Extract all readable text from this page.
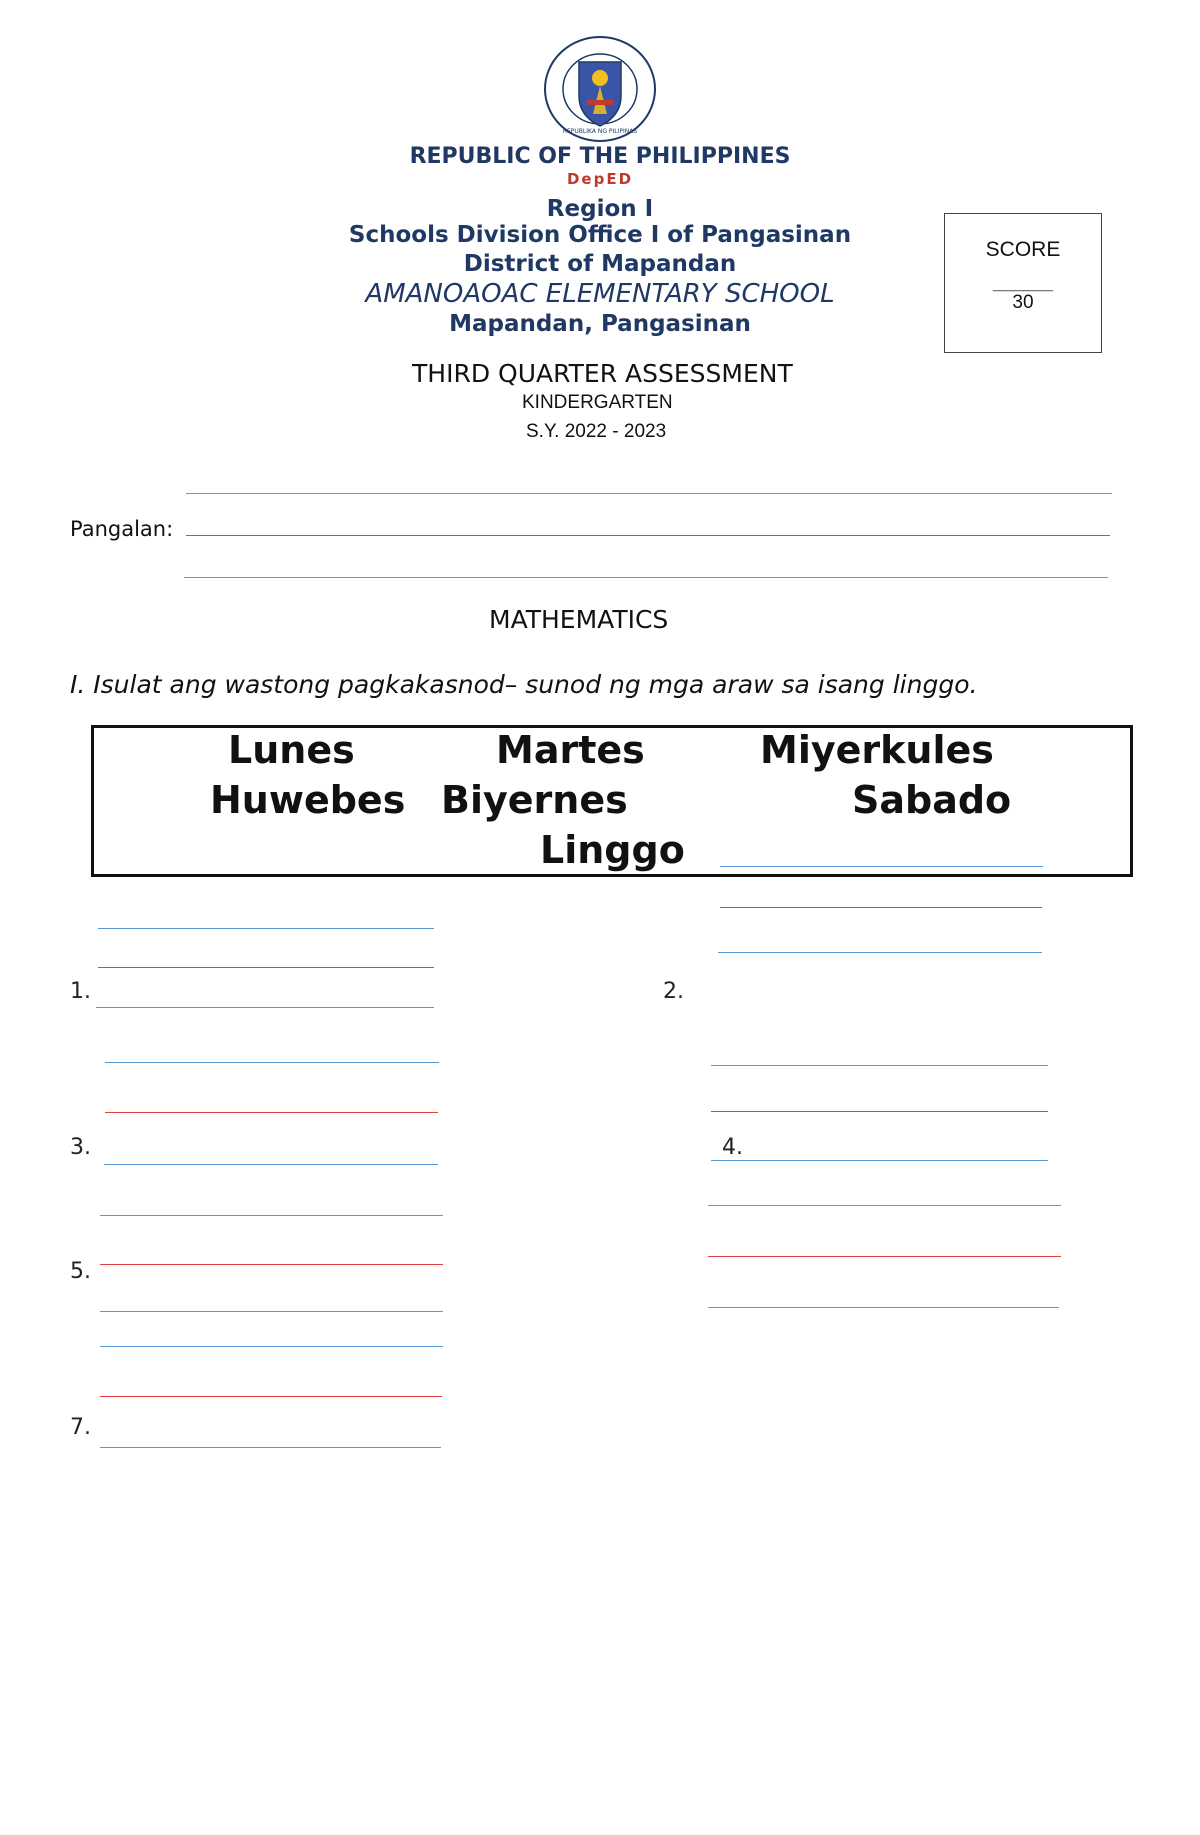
REPUBLIKA NG PILIPINAS
REPUBLIC OF THE PHILIPPINES
DepED
Region I
Schools Division Office I of Pangasinan
District of Mapandan
AMANOAOAC ELEMENTARY SCHOOL
Mapandan, Pangasinan
SCORE
______
30
THIRD QUARTER ASSESSMENT
KINDERGARTEN
S.Y. 2022 - 2023
Pangalan:
MATHEMATICS
I. Isulat ang wastong pagkakasnod– sunod ng mga araw sa isang linggo.
Lunes	Martes	Miyerkules
Huwebes Biyernes	Sabado
Linggo
2.
1.
3.	4.
5.
7.
